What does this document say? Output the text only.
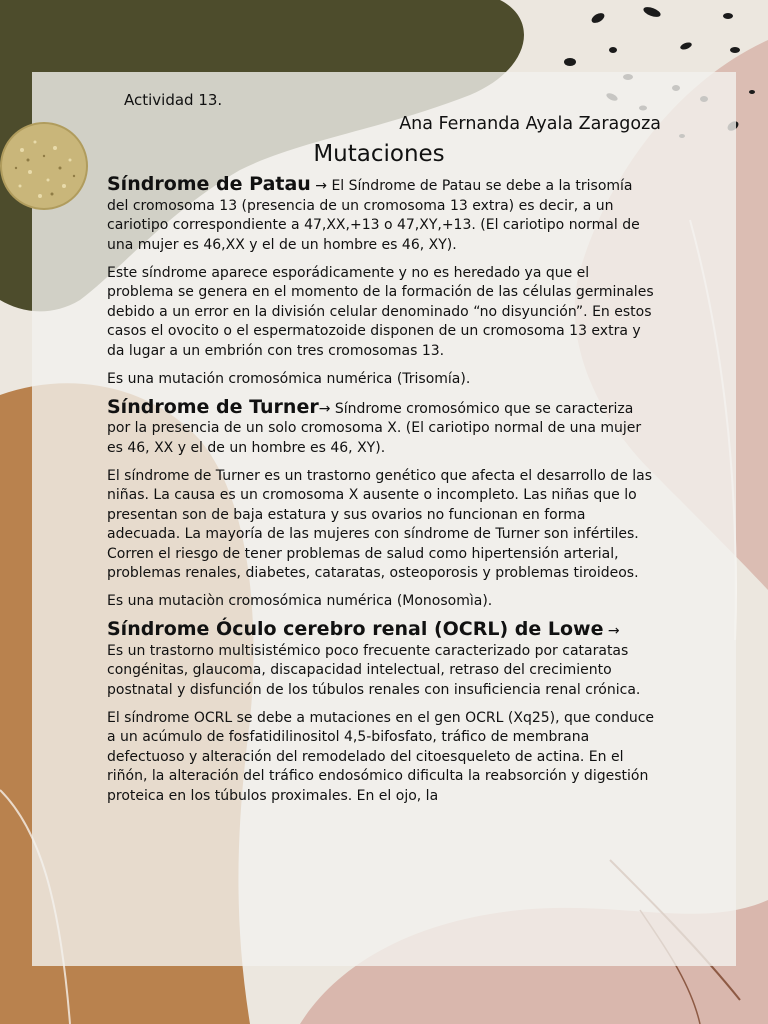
Actividad 13.
Ana Fernanda Ayala Zaragoza
Mutaciones

Síndrome de Patau → El Síndrome de Patau se debe a la trisomía del cromosoma 13 (presencia de un cromosoma 13 extra) es decir, a un cariotipo correspondiente a 47,XX,+13 o 47,XY,+13. (El cariotipo normal de una mujer es 46,XX y el de un hombre es 46, XY).

Este síndrome aparece esporádicamente y no es heredado ya que el problema se genera en el momento de la formación de las células germinales debido a un error en la división celular denominado “no disyunción”. En estos casos el ovocito o el espermatozoide disponen de un cromosoma 13 extra y da lugar a un embrión con tres cromosomas 13.

Es una mutación cromosómica numérica (Trisomía).

Síndrome de Turner→ Síndrome cromosómico que se caracteriza por la presencia de un solo cromosoma X. (El cariotipo normal de una mujer es 46, XX y el de un hombre es 46, XY).

El síndrome de Turner es un trastorno genético que afecta el desarrollo de las niñas. La causa es un cromosoma X ausente o incompleto. Las niñas que lo presentan son de baja estatura y sus ovarios no funcionan en forma adecuada. La mayoría de las mujeres con síndrome de Turner son infértiles. Corren el riesgo de tener problemas de salud como hipertensión arterial, problemas renales, diabetes, cataratas, osteoporosis y problemas tiroideos.

Es una mutaciòn cromosómica numérica (Monosomìa).

Síndrome Óculo cerebro renal (OCRL) de Lowe →
Es un trastorno multisistémico poco frecuente caracterizado por cataratas congénitas, glaucoma, discapacidad intelectual, retraso del crecimiento postnatal y disfunción de los túbulos renales con insuficiencia renal crónica.

El síndrome OCRL se debe a mutaciones en el gen OCRL (Xq25), que conduce a un acúmulo de fosfatidilinositol 4,5-bifosfato, tráfico de membrana defectuoso y alteración del remodelado del citoesqueleto de actina. En el riñón, la alteración del tráfico endosómico dificulta la reabsorción y digestión proteica en los túbulos proximales. En el ojo, la
